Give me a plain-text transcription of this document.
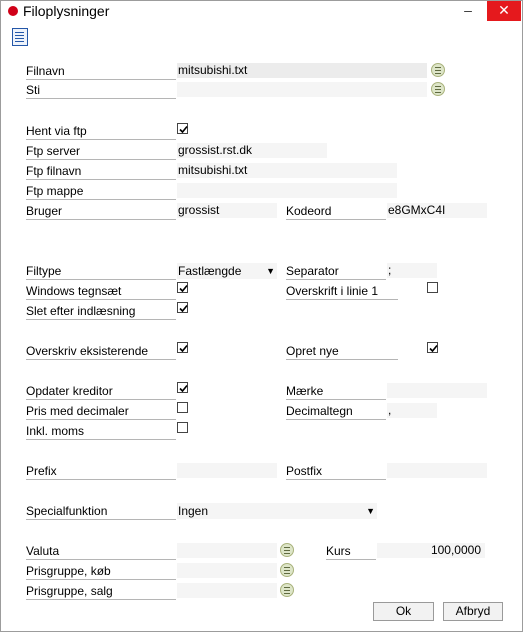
Filoplysninger	–	✕
Filnavn	mitsubishi.txt
Sti
Hent via ftp
Ftp server	grossist.rst.dk
Ftp filnavn	mitsubishi.txt
Ftp mappe
Bruger	grossist	Kodeord	e8GMxC4I
Filtype	Fastlængde	▼ Separator	;
Windows tegnsæt	Overskrift i linie 1
Slet efter indlæsning
Overskriv eksisterende	Opret nye
Opdater kreditor	Mærke
Pris med decimaler	Decimaltegn	,
Inkl. moms
Prefix	Postfix
Specialfunktion	Ingen	▼
Valuta	Kurs	100,0000
Prisgruppe, køb
Prisgruppe, salg
Ok	Afbryd
